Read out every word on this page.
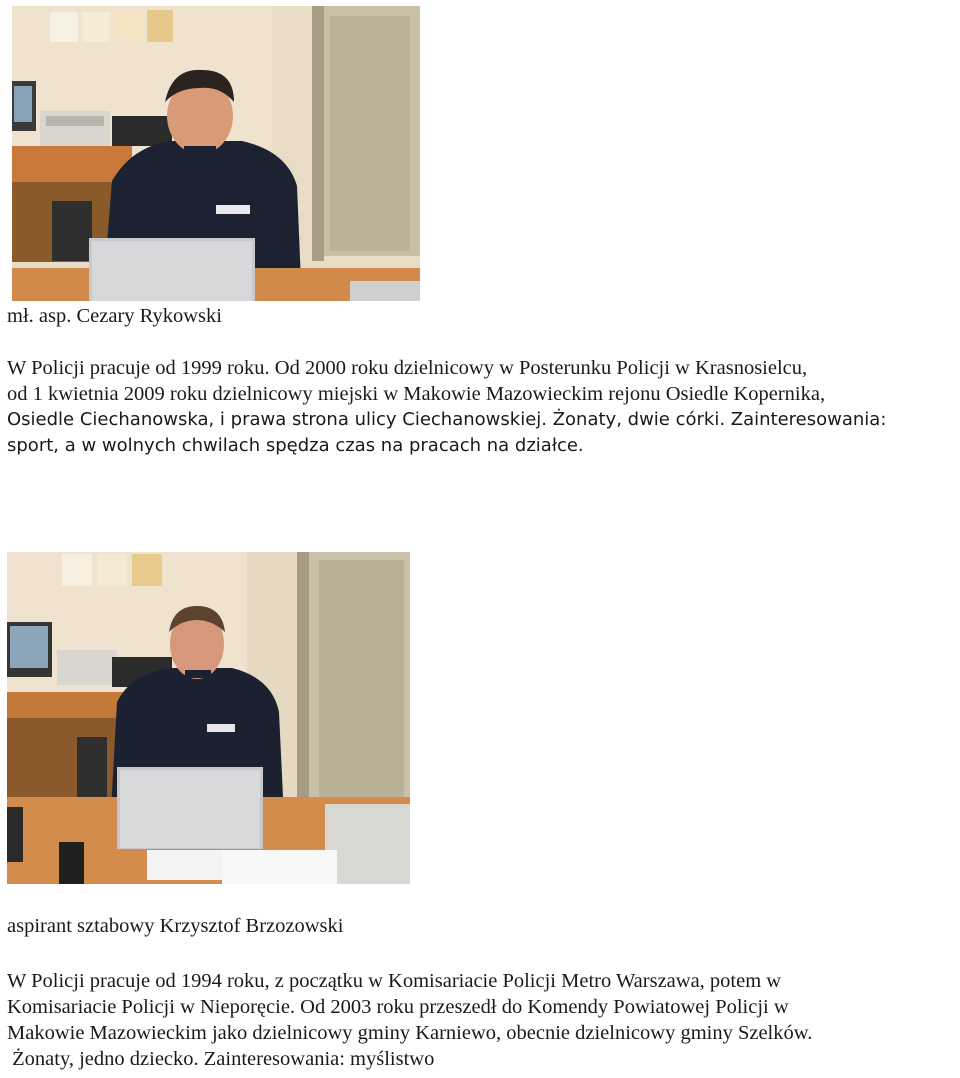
mł. asp. Cezary Rykowski
W Policji pracuje od 1999 roku. Od 2000 roku dzielnicowy w Posterunku Policji w Krasnosielcu,
od 1 kwietnia 2009 roku dzielnicowy miejski w Makowie Mazowieckim rejonu Osiedle Kopernika,
Osiedle Ciechanowska, i prawa strona ulicy Ciechanowskiej. Żonaty, dwie córki. Zainteresowania:
sport, a w wolnych chwilach spędza czas na pracach na działce.
aspirant sztabowy Krzysztof Brzozowski
W Policji pracuje od 1994 roku, z początku w Komisariacie Policji Metro Warszawa, potem w
Komisariacie Policji w Nieporęcie. Od 2003 roku przeszedł do Komendy Powiatowej Policji w
Makowie Mazowieckim jako dzielnicowy gminy Karniewo, obecnie dzielnicowy gminy Szelków.
Żonaty, jedno dziecko. Zainteresowania: myślistwo
